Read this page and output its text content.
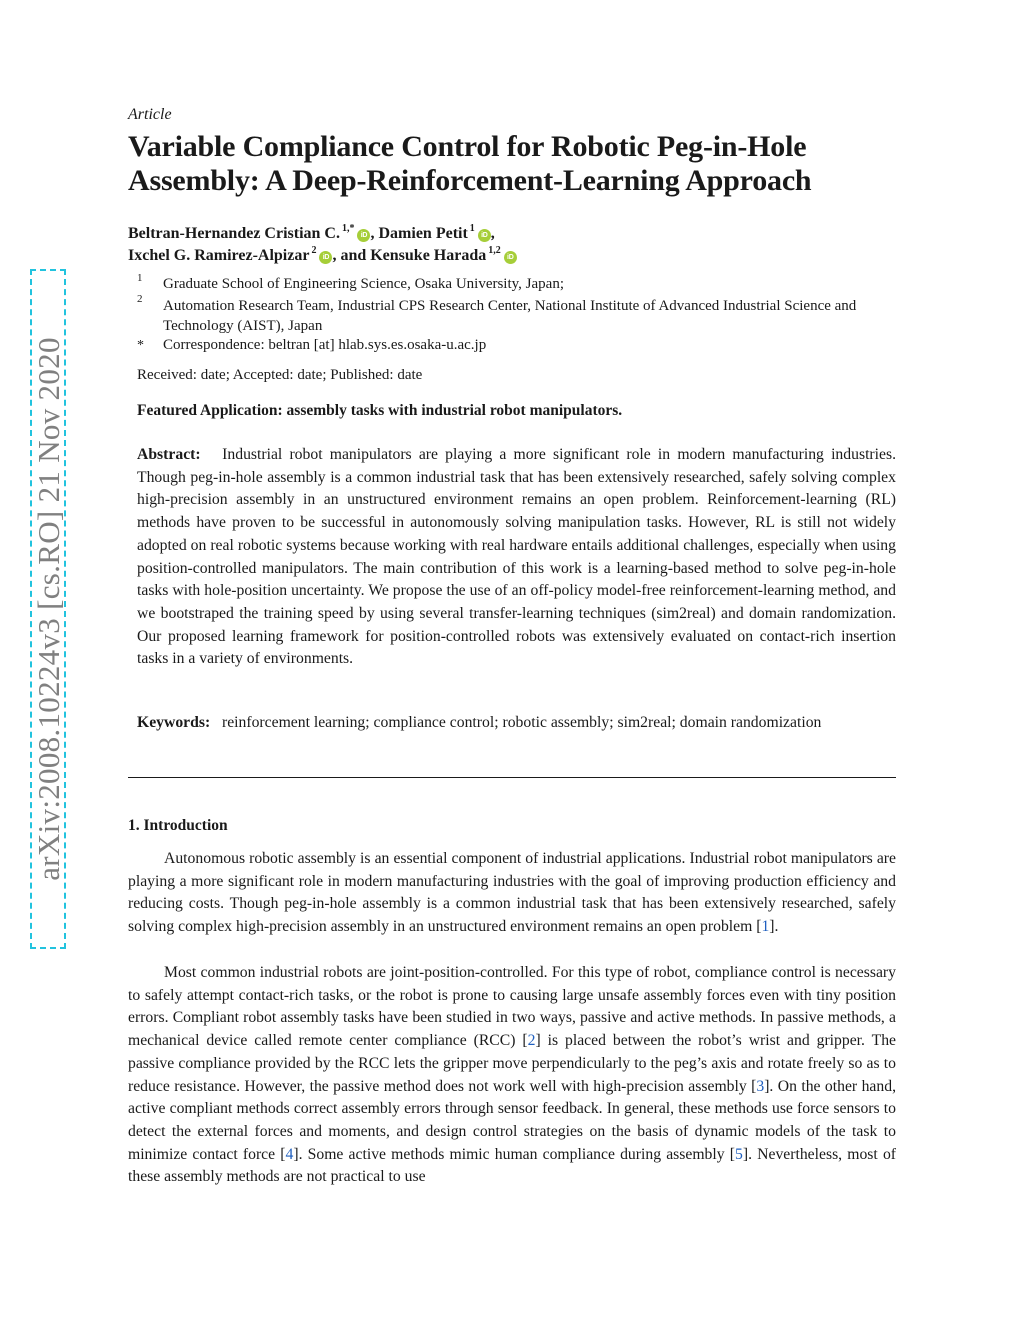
arXiv:2008.10224v3 [cs.RO] 21 Nov 2020
Article
Variable Compliance Control for Robotic Peg-in-Hole
Assembly: A Deep-Reinforcement-Learning Approach
Beltran-Hernandez Cristian C. $^{1,*}$iD , Damien Petit $^1$iD ,
Ixchel G. Ramirez-Alpizar $^2$iD , and Kensuke Harada $^{1,2}$iD
1 Graduate School of Engineering Science, Osaka University, Japan;
2 Automation Research Team, Industrial CPS Research Center, National Institute of Advanced Industrial Science and Technology (AIST), Japan
* Correspondence: beltran [at] hlab.sys.es.osaka-u.ac.jp
Received: date; Accepted: date; Published: date
Featured Application: assembly tasks with industrial robot manipulators.
Abstract: Industrial robot manipulators are playing a more significant role in modern manufacturing industries. Though peg-in-hole assembly is a common industrial task that has been extensively researched, safely solving complex high-precision assembly in an unstructured environment remains an open problem. Reinforcement-learning (RL) methods have proven to be successful in autonomously solving manipulation tasks. However, RL is still not widely adopted on real robotic systems because working with real hardware entails additional challenges, especially when using position-controlled manipulators. The main contribution of this work is a learning-based method to solve peg-in-hole tasks with hole-position uncertainty. We propose the use of an off-policy model-free reinforcement-learning method, and we bootstraped the training speed by using several transfer-learning techniques (sim2real) and domain randomization. Our proposed learning framework for position-controlled robots was extensively evaluated on contact-rich insertion tasks in a variety of environments.
Keywords: reinforcement learning; compliance control; robotic assembly; sim2real; domain randomization
1. Introduction
Autonomous robotic assembly is an essential component of industrial applications. Industrial robot manipulators are playing a more significant role in modern manufacturing industries with the goal of improving production efficiency and reducing costs. Though peg-in-hole assembly is a common industrial task that has been extensively researched, safely solving complex high-precision assembly in an unstructured environment remains an open problem [1].
Most common industrial robots are joint-position-controlled. For this type of robot, compliance control is necessary to safely attempt contact-rich tasks, or the robot is prone to causing large unsafe assembly forces even with tiny position errors. Compliant robot assembly tasks have been studied in two ways, passive and active methods. In passive methods, a mechanical device called remote center compliance (RCC) [2] is placed between the robot’s wrist and gripper. The passive compliance provided by the RCC lets the gripper move perpendicularly to the peg’s axis and rotate freely so as to reduce resistance. However, the passive method does not work well with high-precision assembly [3]. On the other hand, active compliant methods correct assembly errors through sensor feedback. In general, these methods use force sensors to detect the external forces and moments, and design control strategies on the basis of dynamic models of the task to minimize contact force [4]. Some active methods mimic human compliance during assembly [5]. Nevertheless, most of these assembly methods are not practical to use
